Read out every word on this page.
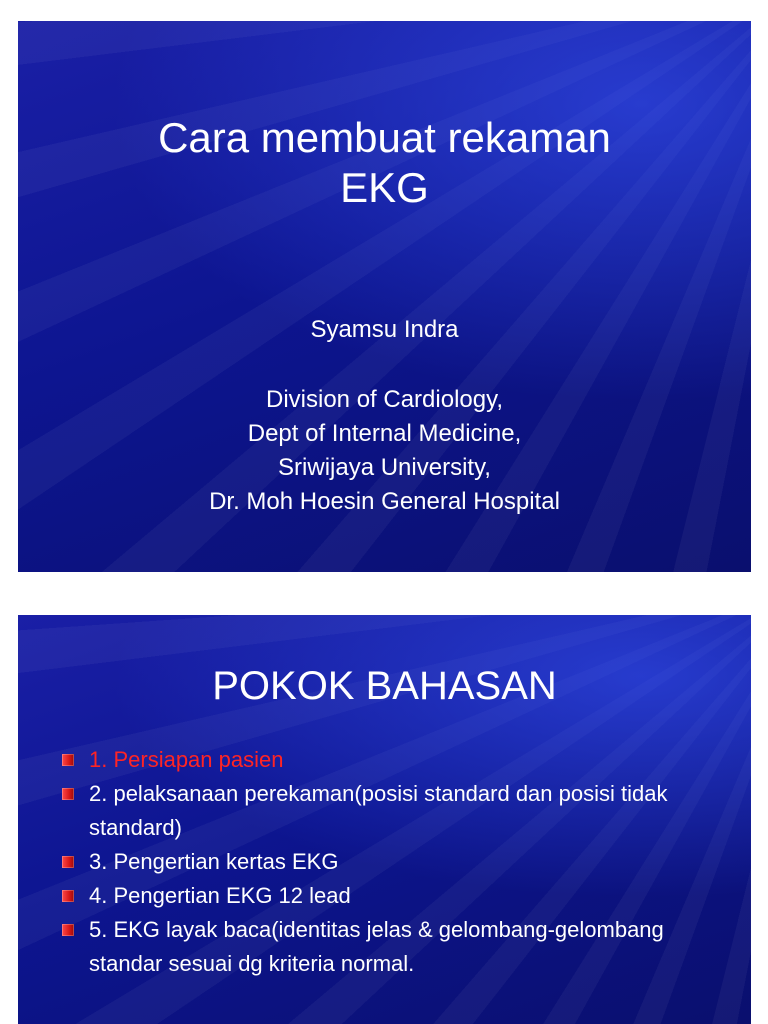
Cara membuat rekaman
EKG
Syamsu Indra
Division of Cardiology,
Dept of Internal Medicine,
Sriwijaya University,
Dr. Moh Hoesin General Hospital
POKOK BAHASAN
1. Persiapan pasien
2. pelaksanaan perekaman(posisi standard dan posisi tidak standard)
3. Pengertian kertas EKG
4. Pengertian EKG 12 lead
5. EKG layak baca(identitas jelas & gelombang-gelombang standar sesuai dg kriteria normal.
